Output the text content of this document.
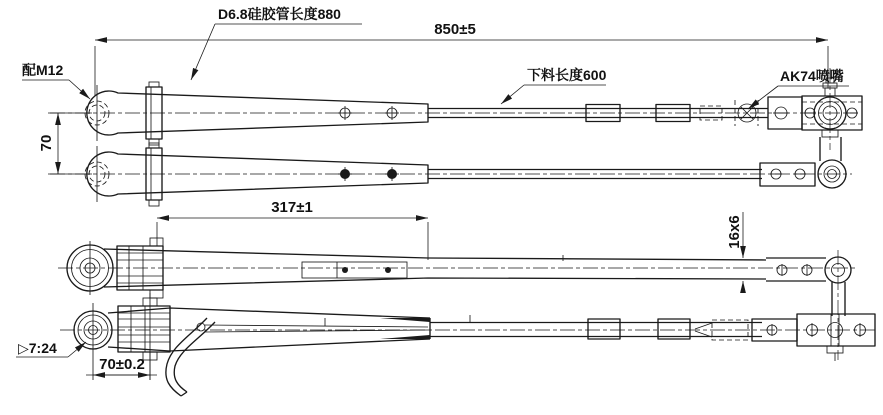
850±5
D6.8硅胶管长度880
下料长度600	AK74喷嘴
配M12
70
317±1
16x6
▷7:24
70±0.2
